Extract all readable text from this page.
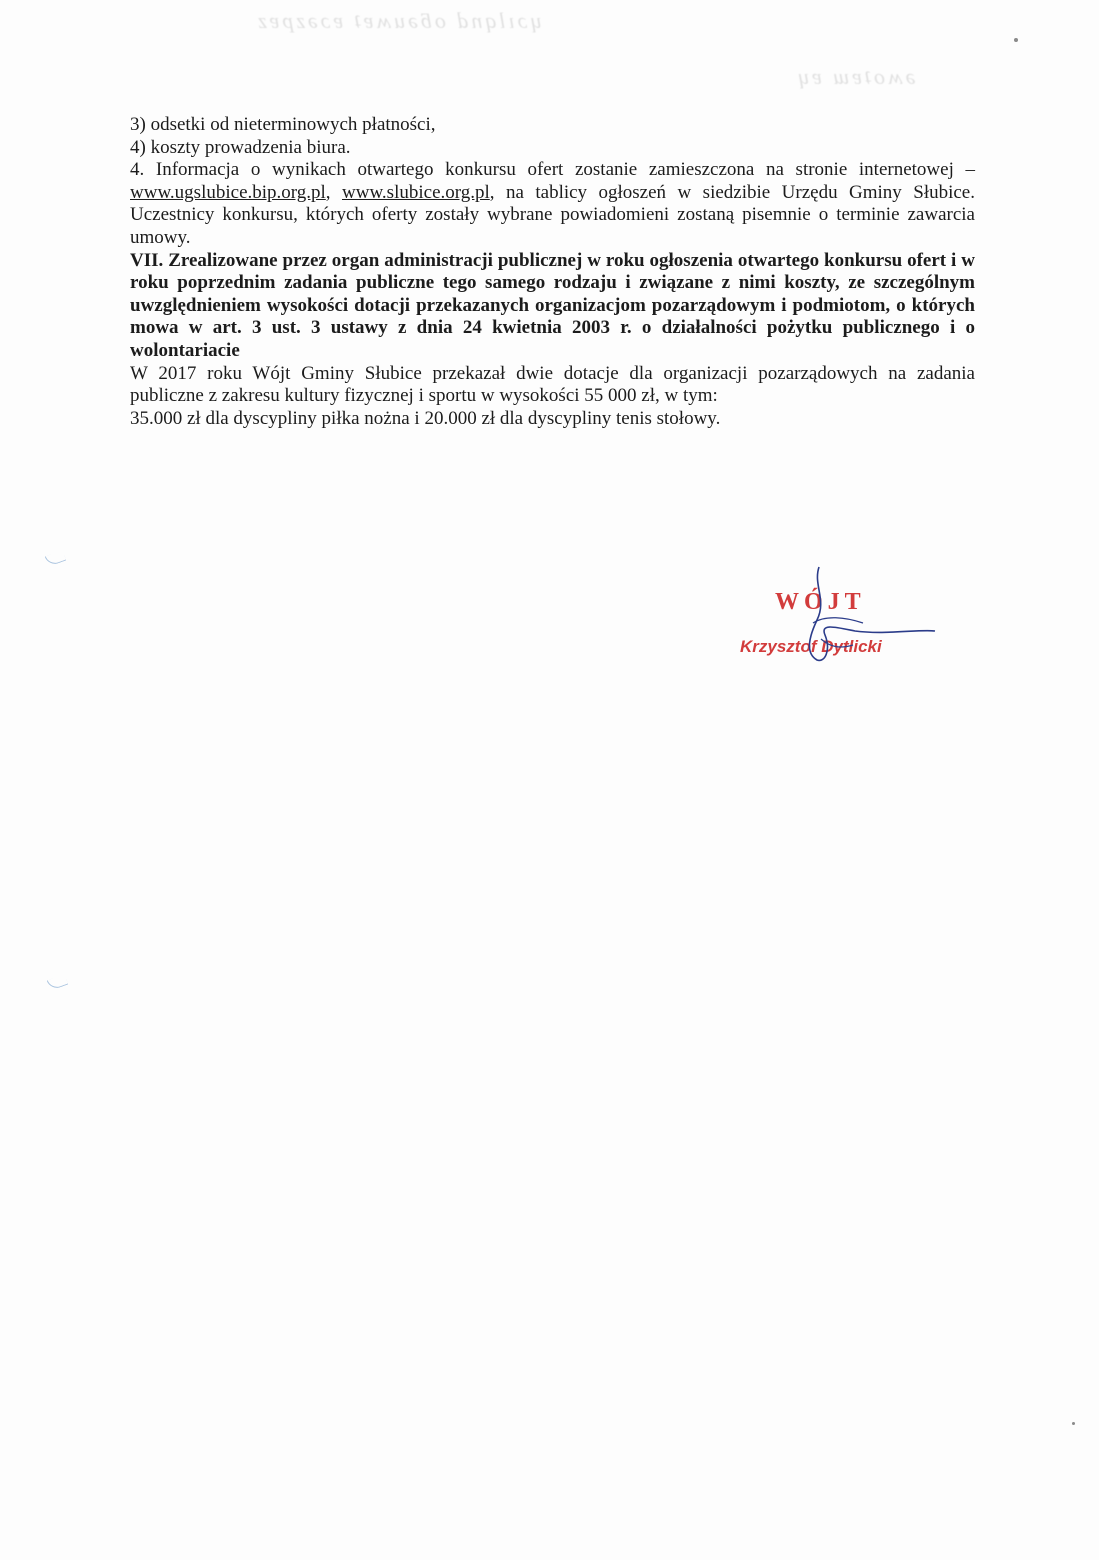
ɥɔılqnd oƃǝuʍɐʇ ɐɔǝzpɐz
ǝʍoʇɐɯ ɐɥ

3) odsetki od nieterminowych płatności,

4) koszty prowadzenia biura.

4. Informacja o wynikach otwartego konkursu ofert zostanie zamieszczona na stronie internetowej – www.ugslubice.bip.org.pl, www.slubice.org.pl, na tablicy ogłoszeń w siedzibie Urzędu Gminy Słubice. Uczestnicy konkursu, których oferty zostały wybrane powiadomieni zostaną pisemnie o terminie zawarcia umowy.

VII. Zrealizowane przez organ administracji publicznej w roku ogłoszenia otwartego konkursu ofert i w roku poprzednim zadania publiczne tego samego rodzaju i związane z nimi koszty, ze szczególnym uwzględnieniem wysokości dotacji przekazanych organizacjom pozarządowym i podmiotom, o których mowa w art. 3 ust. 3 ustawy z dnia 24 kwietnia 2003 r. o działalności pożytku publicznego i o wolontariacie

W 2017 roku Wójt Gminy Słubice przekazał dwie dotacje dla organizacji pozarządowych na zadania publiczne z zakresu kultury fizycznej i sportu w wysokości 55 000 zł, w tym:

35.000 zł dla dyscypliny piłka nożna i 20.000 zł dla dyscypliny tenis stołowy.

WÓJT
Krzysztof Dytlicki
